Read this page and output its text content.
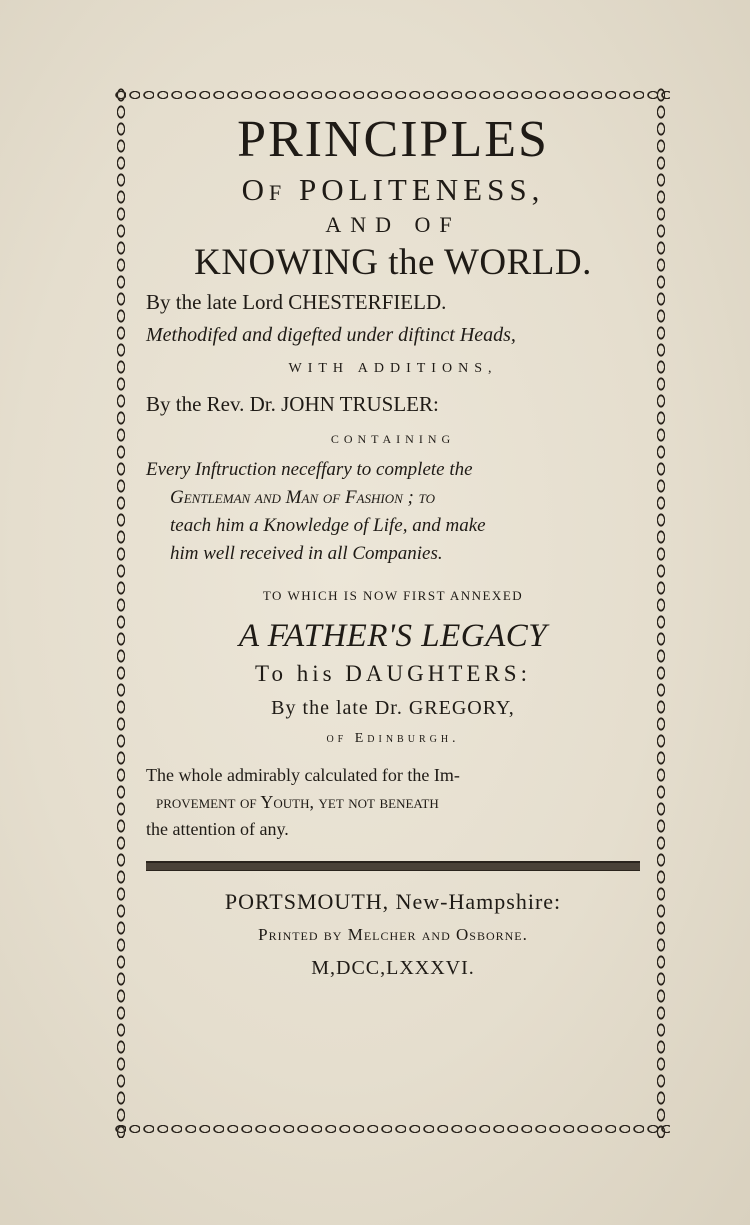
PRINCIPLES
Of POLITENESS,
AND OF
KNOWING the WORLD.
By the late Lord CHESTERFIELD.
Methodifed and digefted under diftinct Heads,
WITH ADDITIONS,
By the Rev. Dr. JOHN TRUSLER:
CONTAINING
Every Inftruction neceffary to complete the
Gentleman and Man of Fashion ; to
teach him a Knowledge of Life, and make
him well received in all Companies.
TO WHICH IS NOW FIRST ANNEXED
A FATHER'S LEGACY
To his DAUGHTERS:
By the late Dr. GREGORY,
of Edinburgh.
The whole admirably calculated for the Im-
provement of Youth, yet not beneath
the attention of any.
PORTSMOUTH, New-Hampshire:
Printed by Melcher and Osborne.
M,DCC,LXXXVI.
